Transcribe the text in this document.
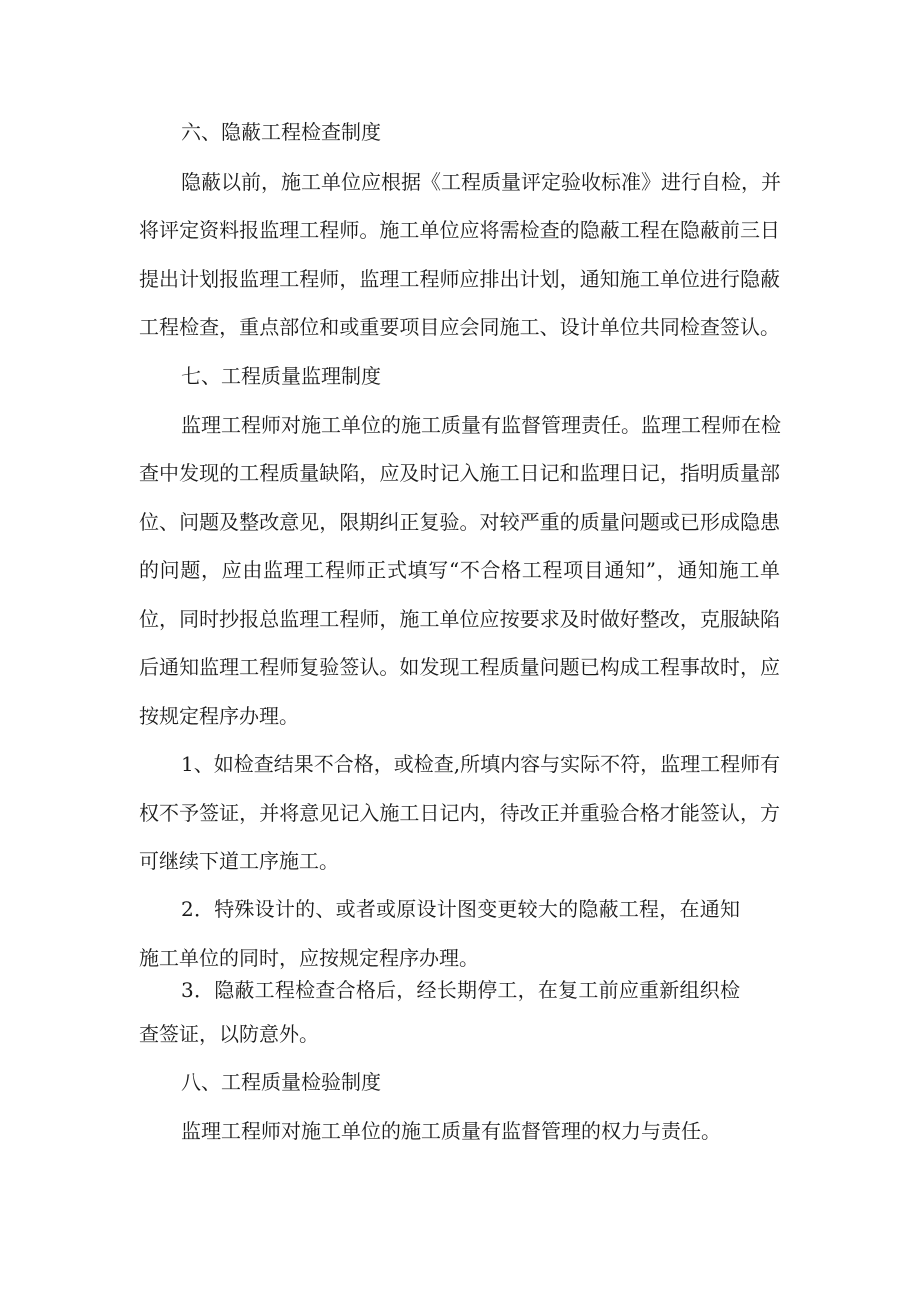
六、隐蔽工程检查制度
隐蔽以前，施工单位应根据《工程质量评定验收标准》进行自检，并
将评定资料报监理工程师。施工单位应将需检查的隐蔽工程在隐蔽前三日
提出计划报监理工程师，监理工程师应排出计划，通知施工单位进行隐蔽
工程检查，重点部位和或重要项目应会同施工、设计单位共同检查签认。
七、工程质量监理制度
监理工程师对施工单位的施工质量有监督管理责任。监理工程师在检
查中发现的工程质量缺陷，应及时记入施工日记和监理日记，指明质量部
位、问题及整改意见，限期纠正复验。对较严重的质量问题或已形成隐患
的问题，应由监理工程师正式填写“不合格工程项目通知”，通知施工单
位，同时抄报总监理工程师，施工单位应按要求及时做好整改，克服缺陷
后通知监理工程师复验签认。如发现工程质量问题已构成工程事故时，应
按规定程序办理。
1、如检查结果不合格，或检查,所填内容与实际不符，监理工程师有
权不予签证，并将意见记入施工日记内，待改正并重验合格才能签认，方
可继续下道工序施工。
2．特殊设计的、或者或原设计图变更较大的隐蔽工程，在通知
施工单位的同时，应按规定程序办理。
3．隐蔽工程检查合格后，经长期停工，在复工前应重新组织检
查签证，以防意外。
八、工程质量检验制度
监理工程师对施工单位的施工质量有监督管理的权力与责任。
